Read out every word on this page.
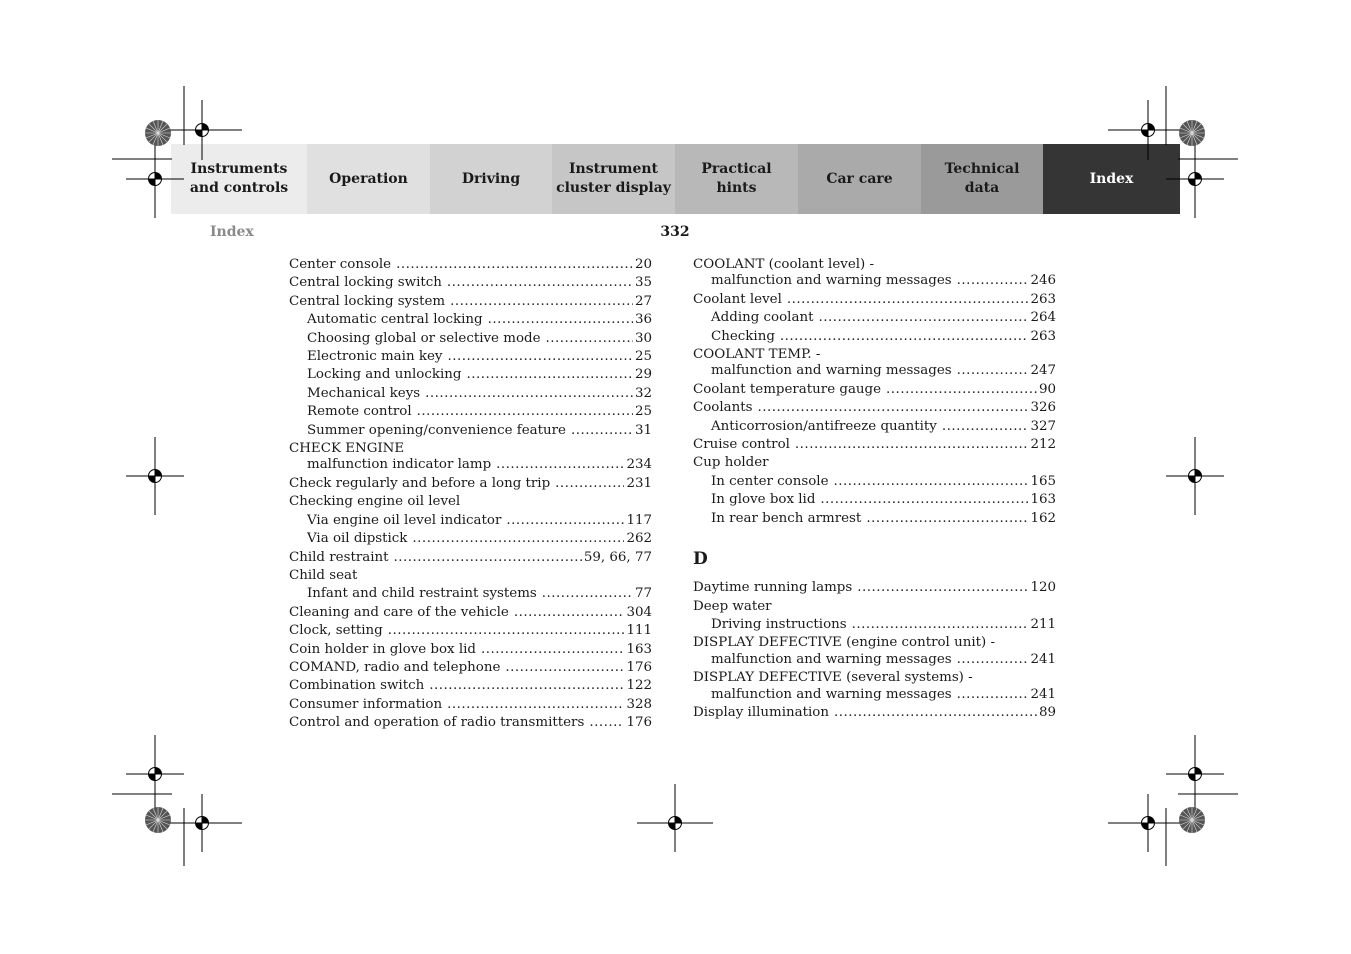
Instruments
and controls
Operation	Driving
Instrument
cluster display
Practical hints
Car care
Technical
data
Index
Index	332
Center console .....	20
Central locking switch .....	35
Central locking system .....	27
Automatic central locking .....	36
Choosing global or selective mode .....	30
Electronic main key .....	25
Locking and unlocking .....	29
Mechanical keys .....	32
Remote control .....	25
Summer opening/convenience feature .....	31
CHECK ENGINE
malfunction indicator lamp .....	234
Check regularly and before a long trip .....	231
Checking engine oil level
Via engine oil level indicator .....	117
Via oil dipstick .....	262
Child restraint .....	59, 66, 77
Child seat
Infant and child restraint systems .....	77
Cleaning and care of the vehicle .....	304
Clock, setting .....	111
Coin holder in glove box lid .....	163
COMAND, radio and telephone .....	176
Combination switch .....	122
Consumer information .....	328
Control and operation of radio transmitters .....	176
COOLANT (coolant level) -
malfunction and warning messages .....	246
Coolant level .....	263
Adding coolant .....	264
Checking .....	263
COOLANT TEMP. -
malfunction and warning messages .....	247
Coolant temperature gauge .....	90
Coolants .....	326
Anticorrosion/antifreeze quantity .....	327
Cruise control .....	212
Cup holder
In center console .....	165
In glove box lid .....	163
In rear bench armrest .....	162
D
Daytime running lamps .....	120
Deep water
Driving instructions .....	211
DISPLAY DEFECTIVE (engine control unit) -
malfunction and warning messages .....	241
DISPLAY DEFECTIVE (several systems) -
malfunction and warning messages .....	241
Display illumination .....	89
